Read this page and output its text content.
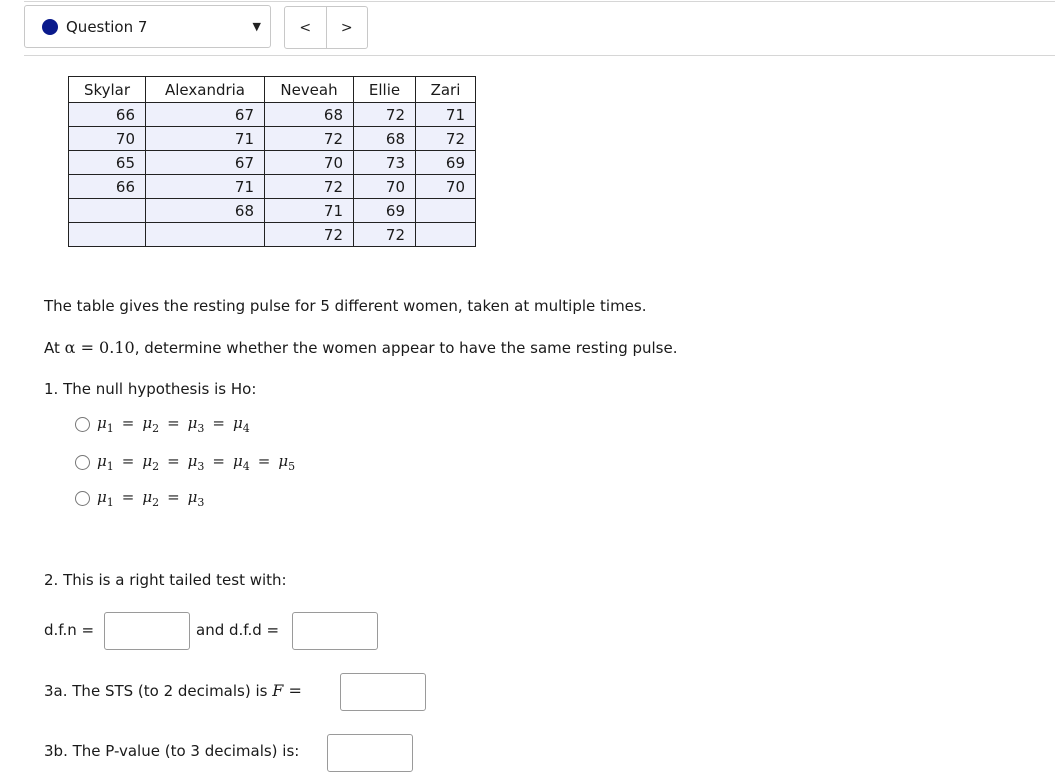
Question 7	▼	<	>
Skylar	Alexandria	Neveah	Ellie	Zari
66	67	68	72	71
70	71	72	68	72
65	67	70	73	69
66	71	72	70	70
	68	71	69	
		72	72	
The table gives the resting pulse for 5 different women, taken at multiple times.
At α = 0.10, determine whether the women appear to have the same resting pulse.
1. The null hypothesis is Ho:
$\mu_1 = \mu_2 = \mu_3 = \mu_4$
$\mu_1 = \mu_2 = \mu_3 = \mu_4 = \mu_5$
$\mu_1 = \mu_2 = \mu_3$
2. This is a right tailed test with:
d.f.n =	and d.f.d =
3a. The STS (to 2 decimals) is F =
3b. The P-value (to 3 decimals) is:
